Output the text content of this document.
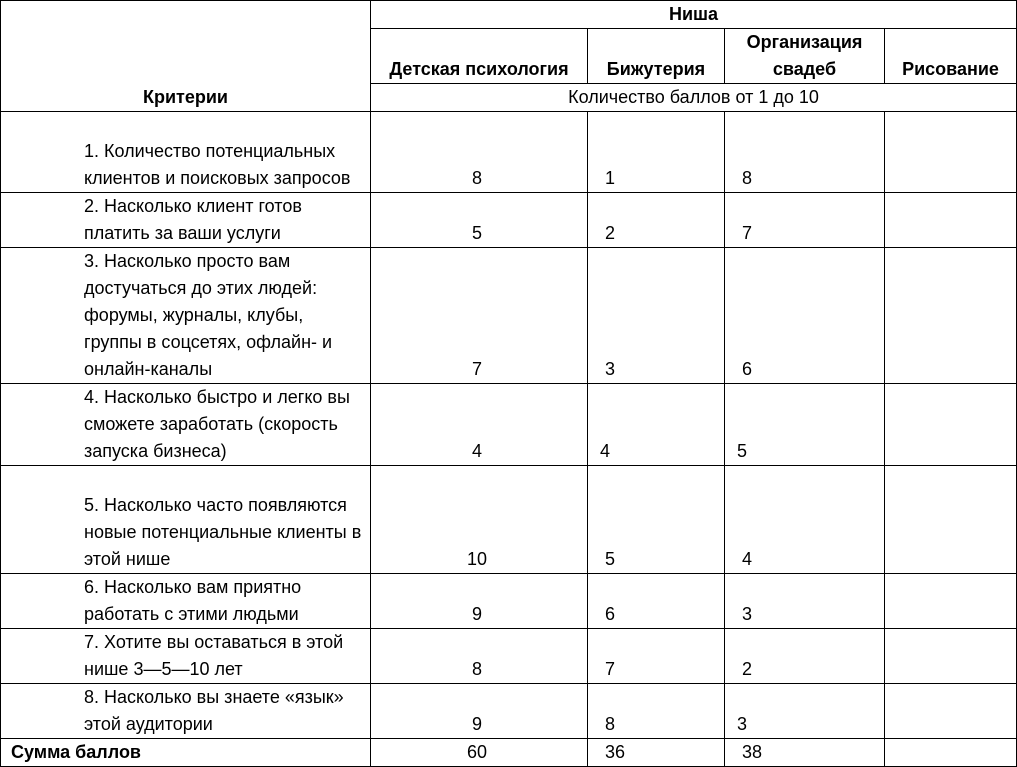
Критерии	Ниша			
	Детская психология	Бижутерия	Организация свадеб	Рисование
	Количество баллов от 1 до 10			
1. Количество потенциальных клиентов и поисковых запросов	8	1	8	
2. Насколько клиент готов платить за ваши услуги	5	2	7	
3. Насколько просто вам достучаться до этих людей: форумы, журналы, клубы, группы в соцсетях, офлайн- и онлайн-каналы	7	3	6	
4. Насколько быстро и легко вы сможете заработать (скорость запуска бизнеса)	4	4	5	
5. Насколько часто появляются новые потенциальные клиенты в этой нише	10	5	4	
6. Насколько вам приятно работать с этими людьми	9	6	3	
7. Хотите вы оставаться в этой нише 3—5—10 лет	8	7	2	
8. Насколько вы знаете «язык» этой аудитории	9	8	3	
Сумма баллов	60	36	38	
